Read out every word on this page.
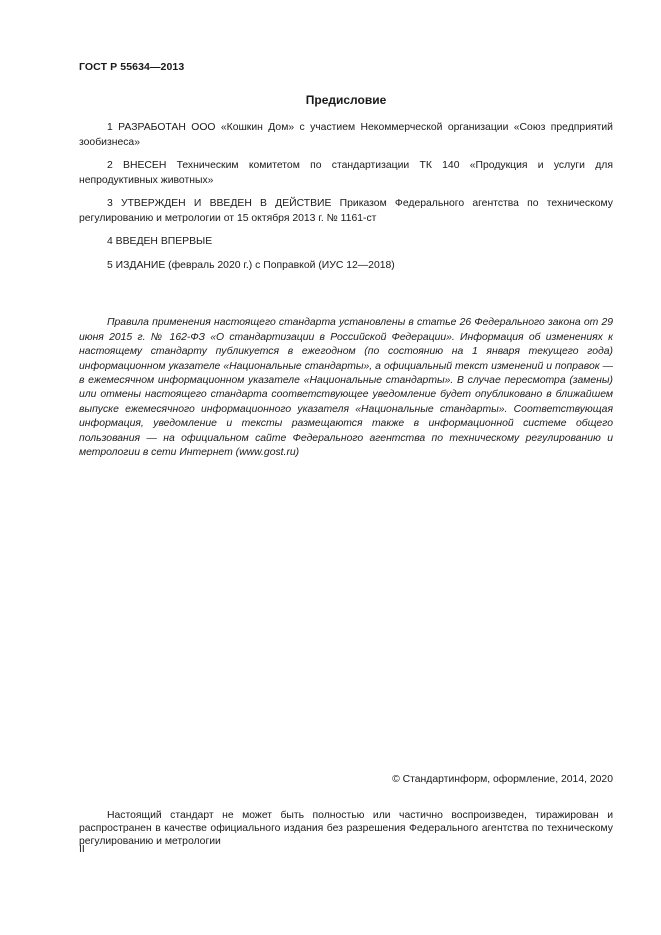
ГОСТ Р 55634—2013
Предисловие

1 РАЗРАБОТАН ООО «Кошкин Дом» с участием Некоммерческой организации «Союз предприятий зообизнеса»

2 ВНЕСЕН Техническим комитетом по стандартизации ТК 140 «Продукция и услуги для непродуктивных животных»

3 УТВЕРЖДЕН И ВВЕДЕН В ДЕЙСТВИЕ Приказом Федерального агентства по техническому регулированию и метрологии от 15 октября 2013 г. № 1161-ст

4 ВВЕДЕН ВПЕРВЫЕ

5 ИЗДАНИЕ (февраль 2020 г.) с Поправкой (ИУС 12—2018)

Правила применения настоящего стандарта установлены в статье 26 Федерального закона от 29 июня 2015 г. № 162-ФЗ «О стандартизации в Российской Федерации». Информация об изменениях к настоящему стандарту публикуется в ежегодном (по состоянию на 1 января текущего года) информационном указателе «Национальные стандарты», а официальный текст изменений и поправок — в ежемесячном информационном указателе «Национальные стандарты». В случае пересмотра (замены) или отмены настоящего стандарта соответствующее уведомление будет опубликовано в ближайшем выпуске ежемесячного информационного указателя «Национальные стандарты». Соответствующая информация, уведомление и тексты размещаются также в информационной системе общего пользования — на официальном сайте Федерального агентства по техническому регулированию и метрологии в сети Интернет (www.gost.ru)

© Стандартинформ, оформление, 2014, 2020

Настоящий стандарт не может быть полностью или частично воспроизведен, тиражирован и распространен в качестве официального издания без разрешения Федерального агентства по техническому регулированию и метрологии

II
